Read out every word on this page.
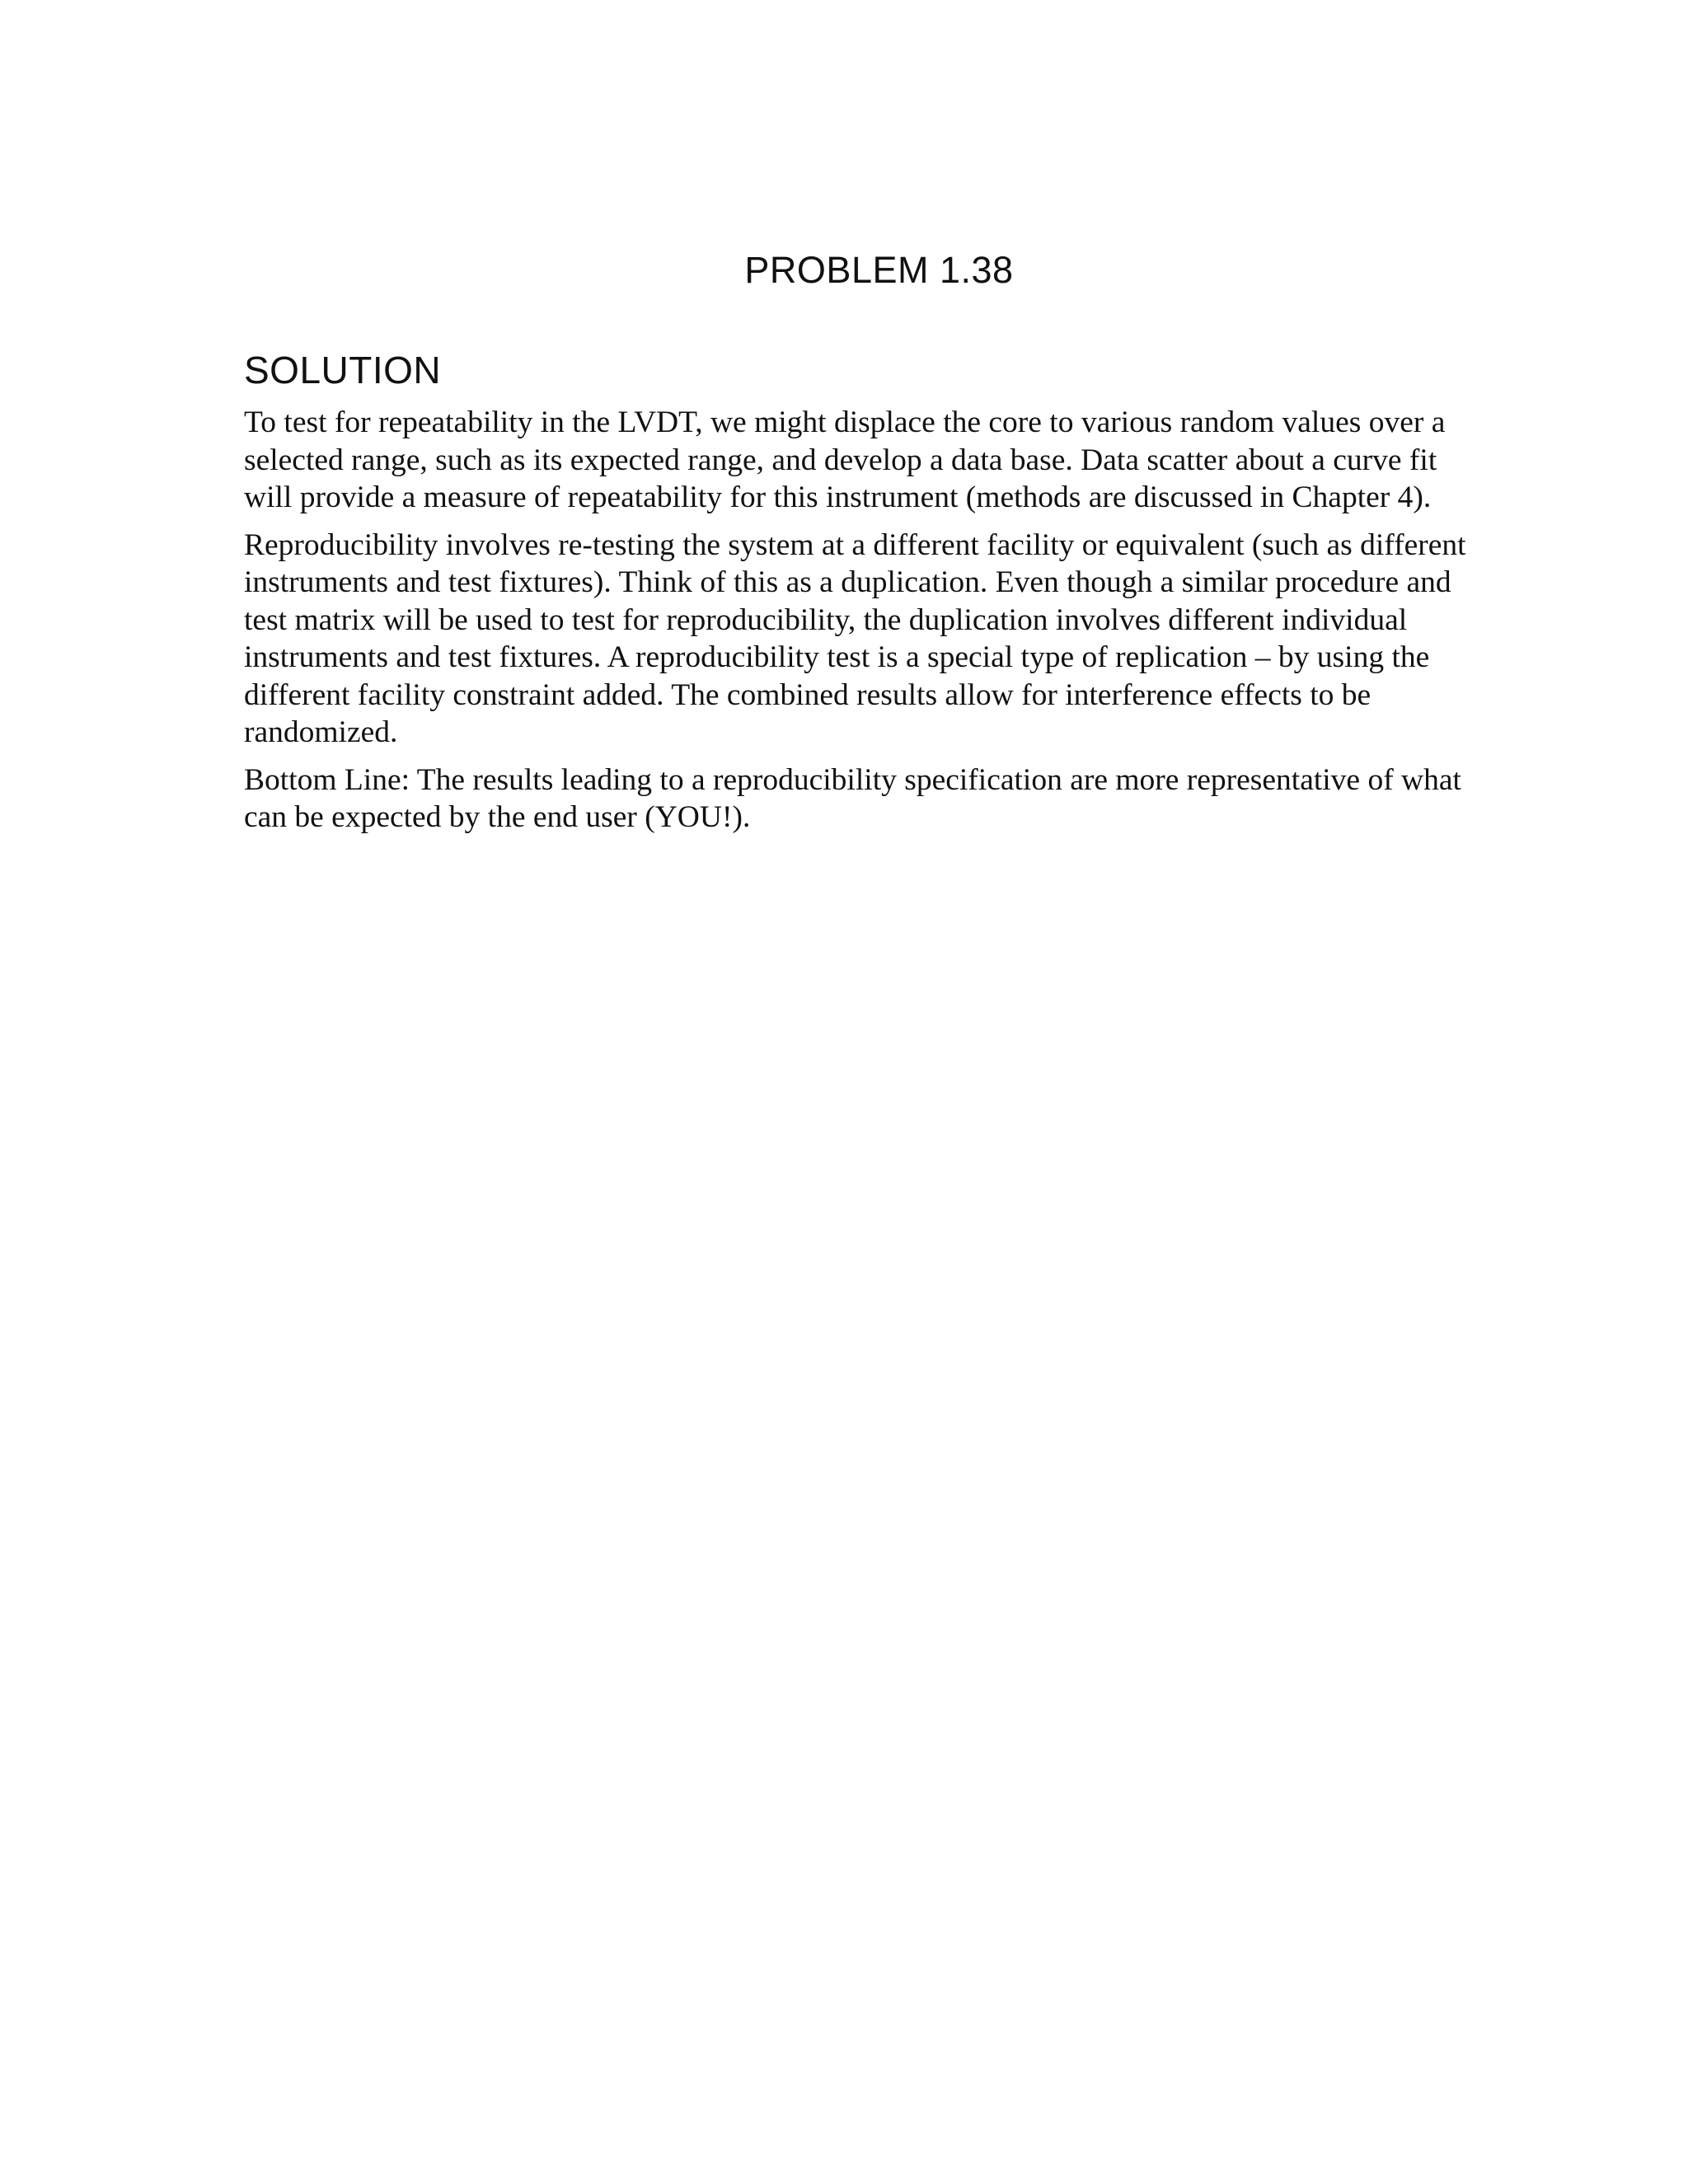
PROBLEM 1.38
SOLUTION

To test for repeatability in the LVDT, we might displace the core to various random values over a selected range, such as its expected range, and develop a data base. Data scatter about a curve fit will provide a measure of repeatability for this instrument (methods are discussed in Chapter 4).

Reproducibility involves re-testing the system at a different facility or equivalent (such as different instruments and test fixtures). Think of this as a duplication. Even though a similar procedure and test matrix will be used to test for reproducibility, the duplication involves different individual instruments and test fixtures. A reproducibility test is a special type of replication – by using the different facility constraint added. The combined results allow for interference effects to be randomized.

Bottom Line: The results leading to a reproducibility specification are more representative of what can be expected by the end user (YOU!).
